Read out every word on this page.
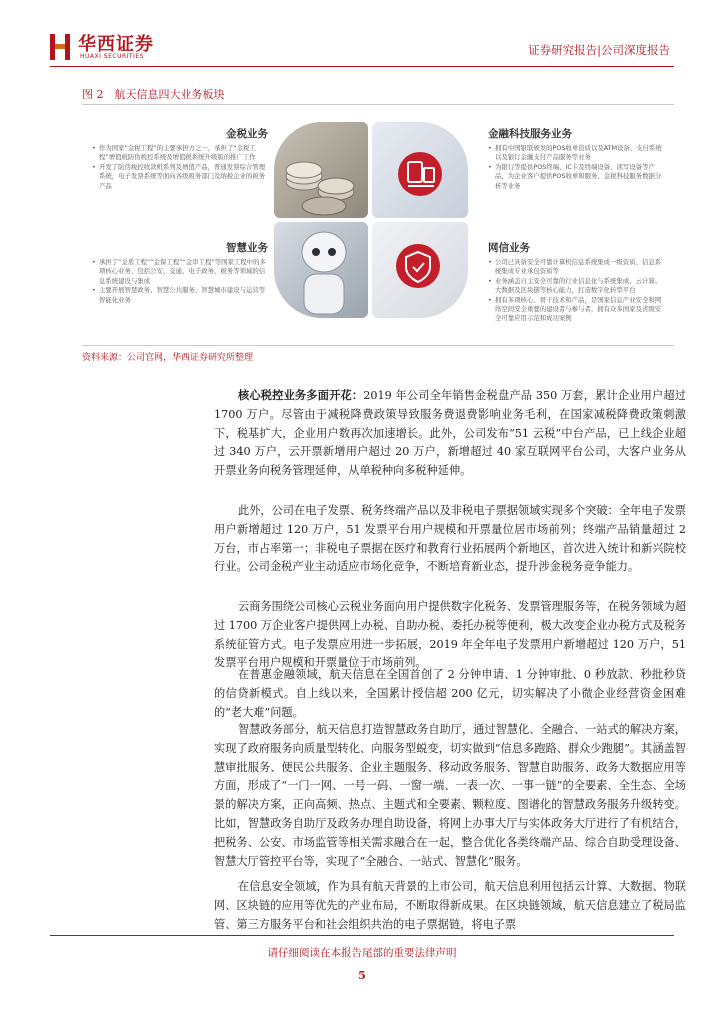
华西证券
HUAXI SECURITIES	证券研究报告|公司深度报告
图 2　航天信息四大业务板块
金税业务
• 作为国家“金税工程”的主要承担方之一，承担了“金税工程”增值税防伪税控系统及增值税系统升级版的推广工作
• 开发了防伪税控收款机系列及增值产品，普通发票综合管理系统，电子发票系统等面向各级税务部门及纳税企业的税务产品
金融科技服务业务
• 拥有中国银联颁发的POS收单资质以及ATM设备、支付系统以及银行金融支付产品服务等业务
• 为银行等提供POS终端、IC卡及终端设备、读写设备等产品，为企业客户提供POS收单和服务、金税科技服务数据分析等业务
智慧业务
• 承担了“金盾工程”“金保工程”“金审工程”等国家工程中的多项核心业务，包括公安、交通、电子政务、税务等领域的信息系统建设与集成
• 主要开展智慧政务、智慧公共服务、智慧城市建设与运营等智能化业务
网信业务
• 公司已具备安全可靠计算机信息系统集成一级资质、信息系统集成专业承包资质等
• 业务涵盖自主安全可靠的行业信息化与系统集成、云计算、大数据及区块链等核心能力，打造数字化转型平台
• 拥有多项核心、骨干技术和产品，是国家信息产业安全和网络空间安全重要的建设者与参与者，拥有众多国家及省级安全可靠应用示范和成功案例
资料来源：公司官网，华西证券研究所整理

核心税控业务多面开花：2019 年公司全年销售金税盘产品 350 万套，累计企业用户超过 1700 万户。尽管由于减税降费政策导致服务费退费影响业务毛利，在国家减税降费政策刺激下，税基扩大，企业用户数再次加速增长。此外，公司发布“51 云税”中台产品，已上线企业超过 340 万户，云开票新增用户超过 20 万户，新增超过 40 家互联网平台公司，大客户业务从开票业务向税务管理延伸，从单税种向多税种延伸。

此外，公司在电子发票、税务终端产品以及非税电子票据领域实现多个突破：全年电子发票用户新增超过 120 万户，51 发票平台用户规模和开票量位居市场前列；终端产品销量超过 2 万台，市占率第一；非税电子票据在医疗和教育行业拓展两个新地区，首次进入统计和新兴院校行业。公司金税产业主动适应市场化竞争，不断培育新业态，提升涉金税务竞争能力。

云商务围绕公司核心云税业务面向用户提供数字化税务、发票管理服务等，在税务领域为超过 1700 万企业客户提供网上办税、自助办税、委托办税等便利，极大改变企业办税方式及税务系统征管方式。电子发票应用进一步拓展，2019 年全年电子发票用户新增超过 120 万户，51 发票平台用户规模和开票量位于市场前列。

在普惠金融领域，航天信息在全国首创了 2 分钟申请、1 分钟审批、0 秒放款、秒批秒贷的信贷新模式。自上线以来，全国累计授信超 200 亿元，切实解决了小微企业经营资金困难的“老大难”问题。

智慧政务部分，航天信息打造智慧政务自助厅，通过智慧化、全融合、一站式的解决方案，实现了政府服务向质量型转化、向服务型蜕变，切实做到“信息多跑路、群众少跑腿”。其涵盖智慧审批服务、便民公共服务、企业主题服务、移动政务服务、智慧自助服务、政务大数据应用等方面，形成了“一门一网、一号一码、一窗一端、一表一次、一事一链”的全要素、全生态、全场景的解决方案，正向高频、热点、主题式和全要素、颗粒度、图谱化的智慧政务服务升级转变。比如，智慧政务自助厅及政务办理自助设备，将网上办事大厅与实体政务大厅进行了有机结合，把税务、公安、市场监管等相关需求融合在一起，整合优化各类终端产品、综合自助受理设备、智慧大厅管控平台等，实现了“全融合、一站式、智慧化”服务。

在信息安全领域，作为具有航天背景的上市公司，航天信息利用包括云计算、大数据、物联网、区块链的应用等优先的产业布局，不断取得新成果。在区块链领域，航天信息建立了税局监管、第三方服务平台和社会组织共治的电子票据链，将电子票

请仔细阅读在本报告尾部的重要法律声明
5
